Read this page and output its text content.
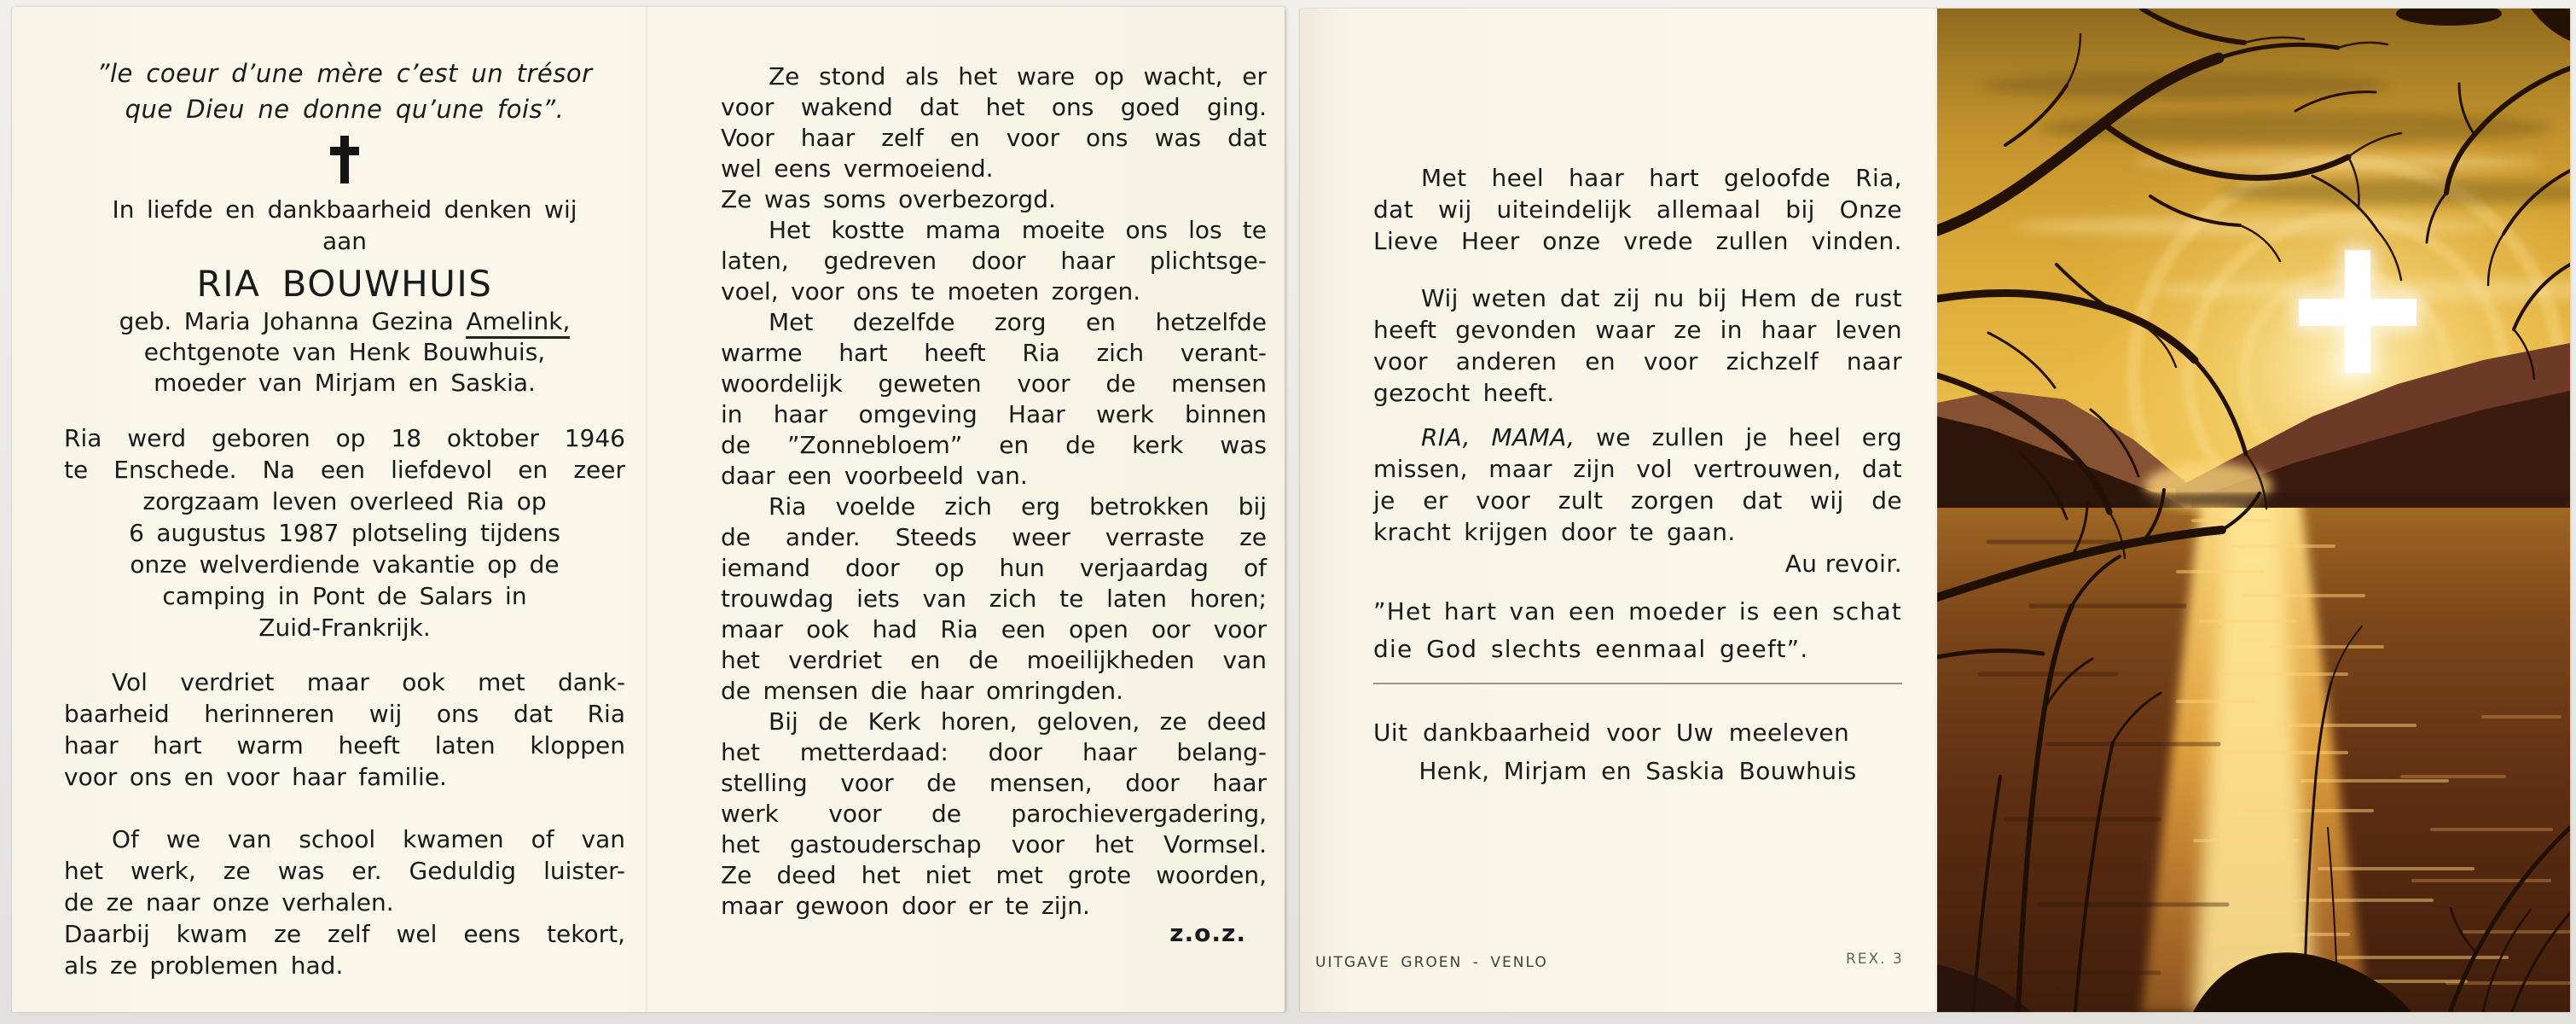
”le coeur d’une mère c’est un trésor
que Dieu ne donne qu’une fois”.
In liefde en dankbaarheid denken wij
aan
RIA BOUWHUIS
geb. Maria Johanna Gezina Amelink,
echtgenote van Henk Bouwhuis,
moeder van Mirjam en Saskia.
Ria werd geboren op 18 oktober 1946
te Enschede. Na een liefdevol en zeer
zorgzaam leven overleed Ria op
6 augustus 1987 plotseling tijdens
onze welverdiende vakantie op de
camping in Pont de Salars in
Zuid-Frankrijk.
Vol verdriet maar ook met dank-
baarheid herinneren wij ons dat Ria
haar hart warm heeft laten kloppen
voor ons en voor haar familie.
Of we van school kwamen of van
het werk, ze was er. Geduldig luister-
de ze naar onze verhalen.
Daarbij kwam ze zelf wel eens tekort,
als ze problemen had.
Ze stond als het ware op wacht, er
voor wakend dat het ons goed ging.
Voor haar zelf en voor ons was dat
wel eens vermoeiend.
Ze was soms overbezorgd.
Het kostte mama moeite ons los te
laten, gedreven door haar plichtsge-
voel, voor ons te moeten zorgen.
Met dezelfde zorg en hetzelfde
warme hart heeft Ria zich verant-
woordelijk geweten voor de mensen
in haar omgeving Haar werk binnen
de ”Zonnebloem” en de kerk was
daar een voorbeeld van.
Ria voelde zich erg betrokken bij
de ander. Steeds weer verraste ze
iemand door op hun verjaardag of
trouwdag iets van zich te laten horen;
maar ook had Ria een open oor voor
het verdriet en de moeilijkheden van
de mensen die haar omringden.
Bij de Kerk horen, geloven, ze deed
het metterdaad: door haar belang-
stelling voor de mensen, door haar
werk voor de parochievergadering,
het gastouderschap voor het Vormsel.
Ze deed het niet met grote woorden,
maar gewoon door er te zijn.
z.o.z.
Met heel haar hart geloofde Ria,
dat wij uiteindelijk allemaal bij Onze
Lieve Heer onze vrede zullen vinden.
Wij weten dat zij nu bij Hem de rust
heeft gevonden waar ze in haar leven
voor anderen en voor zichzelf naar
gezocht heeft.
RIA, MAMA, we zullen je heel erg
missen, maar zijn vol vertrouwen, dat
je er voor zult zorgen dat wij de
kracht krijgen door te gaan.
Au revoir.
”Het hart van een moeder is een schat
die God slechts eenmaal geeft”.
Uit dankbaarheid voor Uw meeleven
Henk, Mirjam en Saskia Bouwhuis
UITGAVE GROEN - VENLO	REX. 3
